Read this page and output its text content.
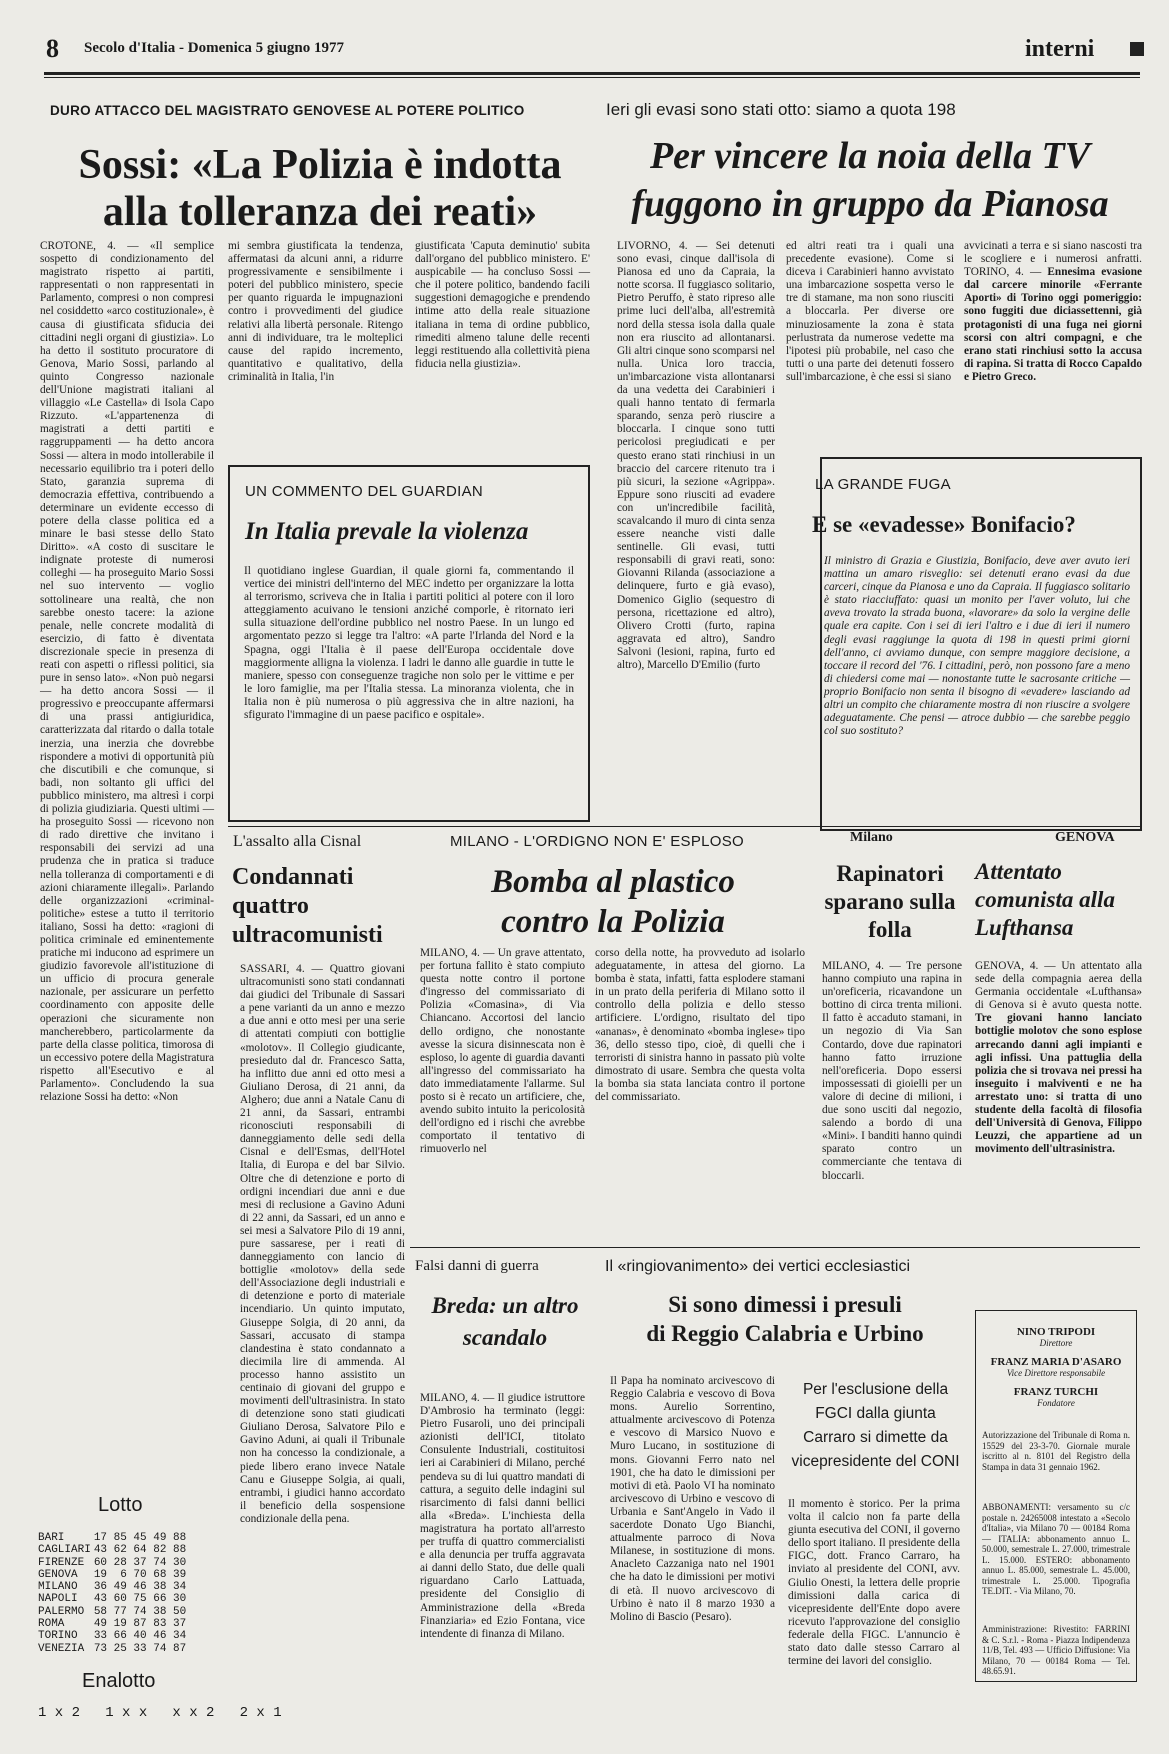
8 Secolo d'Italia - Domenica 5 giugno 1977	interni
DURO ATTACCO DEL MAGISTRATO GENOVESE AL POTERE POLITICO
Sossi: «La Polizia è indotta
alla tolleranza dei reati»
CROTONE, 4. — «Il semplice sospetto di condizionamento del magistrato rispetto ai partiti, rappresentati o non rappresentati in Parlamento, compresi o non compresi nel cosiddetto «arco costituzionale», è causa di giustificata sfiducia dei cittadini negli organi di giustizia». Lo ha detto il sostituto procuratore di Genova, Mario Sossi, parlando al quinto Congresso nazionale dell'Unione magistrati italiani al villaggio «Le Castella» di Isola Capo Rizzuto. «L'appartenenza di magistrati a detti partiti e raggruppamenti — ha detto ancora Sossi — altera in modo intollerabile il necessario equilibrio tra i poteri dello Stato, garanzia suprema di democrazia effettiva, contribuendo a determinare un evidente eccesso di potere della classe politica ed a minare le basi stesse dello Stato Diritto». «A costo di suscitare le indignate proteste di numerosi colleghi — ha proseguito Mario Sossi nel suo intervento — voglio sottolineare una realtà, che non sarebbe onesto tacere: la azione penale, nelle concrete modalità di esercizio, di fatto è diventata discrezionale specie in presenza di reati con aspetti o riflessi politici, sia pure in senso lato». «Non può negarsi — ha detto ancora Sossi — il progressivo e preoccupante affermarsi di una prassi antigiuridica, caratterizzata dal ritardo o dalla totale inerzia, una inerzia che dovrebbe rispondere a motivi di opportunità più che discutibili e che comunque, si badi, non soltanto gli uffici del pubblico ministero, ma altresì i corpi di polizia giudiziaria. Questi ultimi — ha proseguito Sossi — ricevono non di rado direttive che invitano i responsabili dei servizi ad una prudenza che in pratica si traduce nella tolleranza di comportamenti e di azioni chiaramente illegali». Parlando delle organizzazioni «criminal-politiche» estese a tutto il territorio italiano, Sossi ha detto: «ragioni di politica criminale ed eminentemente pratiche mi inducono ad esprimere un giudizio favorevole all'istituzione di un ufficio di procura generale nazionale, per assicurare un perfetto coordinamento con apposite delle operazioni che sicuramente non mancherebbero, particolarmente da parte della classe politica, timorosa di un eccessivo potere della Magistratura rispetto all'Esecutivo e al Parlamento». Concludendo la sua relazione Sossi ha detto: «Non
mi sembra giustificata la tendenza, affermatasi da alcuni anni, a ridurre progressivamente e sensibilmente i poteri del pubblico ministero, specie per quanto riguarda le impugnazioni contro i provvedimenti del giudice relativi alla libertà personale. Ritengo anni di individuare, tra le molteplici cause del rapido incremento, quantitativo e qualitativo, della criminalità in Italia, l'in
giustificata 'Caputa deminutio' subita dall'organo del pubblico ministero. E' auspicabile — ha concluso Sossi — che il potere politico, bandendo facili suggestioni demagogiche e prendendo intime atto della reale situazione italiana in tema di ordine pubblico, rimediti almeno talune delle recenti leggi restituendo alla collettività piena fiducia nella giustizia».
UN COMMENTO DEL GUARDIAN
In Italia prevale la violenza
Il quotidiano inglese Guardian, il quale giorni fa, commentando il vertice dei ministri dell'interno del MEC indetto per organizzare la lotta al terrorismo, scriveva che in Italia i partiti politici al potere con il loro atteggiamento acuivano le tensioni anziché comporle, è ritornato ieri sulla situazione dell'ordine pubblico nel nostro Paese. In un lungo ed argomentato pezzo si legge tra l'altro: «A parte l'Irlanda del Nord e la Spagna, oggi l'Italia è il paese dell'Europa occidentale dove maggiormente alligna la violenza. I ladri le danno alle guardie in tutte le maniere, spesso con conseguenze tragiche non solo per le vittime e per le loro famiglie, ma per l'Italia stessa. La minoranza violenta, che in Italia non è più numerosa o più aggressiva che in altre nazioni, ha sfigurato l'immagine di un paese pacifico e ospitale».
Ieri gli evasi sono stati otto: siamo a quota 198
Per vincere la noia della TV
fuggono in gruppo da Pianosa
LIVORNO, 4. — Sei detenuti sono evasi, cinque dall'isola di Pianosa ed uno da Capraia, la notte scorsa. Il fuggiasco solitario, Pietro Peruffo, è stato ripreso alle prime luci dell'alba, all'estremità nord della stessa isola dalla quale non era riuscito ad allontanarsi. Gli altri cinque sono scomparsi nel nulla. Unica loro traccia, un'imbarcazione vista allontanarsi da una vedetta dei Carabinieri i quali hanno tentato di fermarla sparando, senza però riuscire a bloccarla. I cinque sono tutti pericolosi pregiudicati e per questo erano stati rinchiusi in un braccio del carcere ritenuto tra i più sicuri, la sezione «Agrippa». Eppure sono riusciti ad evadere con un'incredibile facilità, scavalcando il muro di cinta senza essere neanche visti dalle sentinelle. Gli evasi, tutti responsabili di gravi reati, sono: Giovanni Rilanda (associazione a delinquere, furto e già evaso), Domenico Giglio (sequestro di persona, ricettazione ed altro), Olivero Crotti (furto, rapina aggravata ed altro), Sandro Salvoni (lesioni, rapina, furto ed altro), Marcello D'Emilio (furto
ed altri reati tra i quali una precedente evasione). Come si diceva i Carabinieri hanno avvistato una imbarcazione sospetta verso le tre di stamane, ma non sono riusciti a bloccarla. Per diverse ore minuziosamente la zona è stata perlustrata da numerose vedette ma l'ipotesi più probabile, nel caso che tutti o una parte dei detenuti fossero sull'imbarcazione, è che essi si siano
avvicinati a terra e si siano nascosti tra le scogliere e i numerosi anfratti. TORINO, 4. — Ennesima evasione dal carcere minorile «Ferrante Aporti» di Torino oggi pomeriggio: sono fuggiti due diciassettenni, già protagonisti di una fuga nei giorni scorsi con altri compagni, e che erano stati rinchiusi sotto la accusa di rapina. Si tratta di Rocco Capaldo e Pietro Greco.
LA GRANDE FUGA
E se «evadesse» Bonifacio?
Il ministro di Grazia e Giustizia, Bonifacio, deve aver avuto ieri mattina un amaro risveglio: sei detenuti erano evasi da due carceri, cinque da Pianosa e uno da Capraia. Il fuggiasco solitario è stato riacciuffato: quasi un monito per l'aver voluto, lui che aveva trovato la strada buona, «lavorare» da solo la vergine delle quale era capite. Con i sei di ieri l'altro e i due di ieri il numero degli evasi raggiunge la quota di 198 in questi primi giorni dell'anno, ci avviamo dunque, con sempre maggiore decisione, a toccare il record del '76. I cittadini, però, non possono fare a meno di chiedersi come mai — nonostante tutte le sacrosante critiche — proprio Bonifacio non senta il bisogno di «evadere» lasciando ad altri un compito che chiaramente mostra di non riuscire a svolgere adeguatamente. Che pensi — atroce dubbio — che sarebbe peggio col suo sostituto?
L'assalto alla Cisnal
Condannati quattro ultracomunisti
SASSARI, 4. — Quattro giovani ultracomunisti sono stati condannati dai giudici del Tribunale di Sassari a pene varianti da un anno e mezzo a due anni e otto mesi per una serie di attentati compiuti con bottiglie «molotov». Il Collegio giudicante, presieduto dal dr. Francesco Satta, ha inflitto due anni ed otto mesi a Giuliano Derosa, di 21 anni, da Alghero; due anni a Natale Canu di 21 anni, da Sassari, entrambi riconosciuti responsabili di danneggiamento delle sedi della Cisnal e dell'Esmas, dell'Hotel Italia, di Europa e del bar Silvio. Oltre che di detenzione e porto di ordigni incendiari due anni e due mesi di reclusione a Gavino Aduni di 22 anni, da Sassari, ed un anno e sei mesi a Salvatore Pilo di 19 anni, pure sassarese, per i reati di danneggiamento con lancio di bottiglie «molotov» della sede dell'Associazione degli industriali e di detenzione e porto di materiale incendiario. Un quinto imputato, Giuseppe Solgia, di 20 anni, da Sassari, accusato di stampa clandestina è stato condannato a diecimila lire di ammenda. Al processo hanno assistito un centinaio di giovani del gruppo e movimenti dell'ultrasinistra. In stato di detenzione sono stati giudicati Giuliano Derosa, Salvatore Pilo e Gavino Aduni, ai quali il Tribunale non ha concesso la condizionale, a piede libero erano invece Natale Canu e Giuseppe Solgia, ai quali, entrambi, i giudici hanno accordato il beneficio della sospensione condizionale della pena.
MILANO - L'ORDIGNO NON E' ESPLOSO
Bomba al plastico
contro la Polizia
MILANO, 4. — Un grave attentato, per fortuna fallito è stato compiuto questa notte contro il portone d'ingresso del commissariato di Polizia «Comasina», di Via Chiancano. Accortosi del lancio dello ordigno, che nonostante avesse la sicura disinnescata non è esploso, lo agente di guardia davanti all'ingresso del commissariato ha dato immediatamente l'allarme. Sul posto si è recato un artificiere, che, avendo subito intuito la pericolosità dell'ordigno ed i rischi che avrebbe comportato il tentativo di rimuoverlo nel
corso della notte, ha provveduto ad isolarlo adeguatamente, in attesa del giorno. La bomba è stata, infatti, fatta esplodere stamani in un prato della periferia di Milano sotto il controllo della polizia e dello stesso artificiere. L'ordigno, risultato del tipo «ananas», è denominato «bomba inglese» tipo 36, dello stesso tipo, cioè, di quelli che i terroristi di sinistra hanno in passato più volte dimostrato di usare. Sembra che questa volta la bomba sia stata lanciata contro il portone del commissariato.
Milano
Rapinatori sparano sulla folla
MILANO, 4. — Tre persone hanno compiuto una rapina in un'oreficeria, ricavandone un bottino di circa trenta milioni. Il fatto è accaduto stamani, in un negozio di Via San Contardo, dove due rapinatori hanno fatto irruzione nell'oreficeria. Dopo essersi impossessati di gioielli per un valore di decine di milioni, i due sono usciti dal negozio, salendo a bordo di una «Mini». I banditi hanno quindi sparato contro un commerciante che tentava di bloccarli.
GENOVA
Attentato comunista alla Lufthansa
GENOVA, 4. — Un attentato alla sede della compagnia aerea della Germania occidentale «Lufthansa» di Genova si è avuto questa notte. Tre giovani hanno lanciato bottiglie molotov che sono esplose arrecando danni agli impianti e agli infissi. Una pattuglia della polizia che si trovava nei pressi ha inseguito i malviventi e ne ha arrestato uno: si tratta di uno studente della facoltà di filosofia dell'Università di Genova, Filippo Leuzzi, che appartiene ad un movimento dell'ultrasinistra.
Falsi danni di guerra
Breda: un altro scandalo
MILANO, 4. — Il giudice istruttore D'Ambrosio ha terminato (leggi: Pietro Fusaroli, uno dei principali azionisti dell'ICI, titolato Consulente Industriali, costituitosi ieri ai Carabinieri di Milano, perché pendeva su di lui quattro mandati di cattura, a seguito delle indagini sul risarcimento di falsi danni bellici alla «Breda». L'inchiesta della magistratura ha portato all'arresto per truffa di quattro commercialisti e alla denuncia per truffa aggravata ai danni dello Stato, due delle quali riguardano Carlo Lattuada, presidente del Consiglio di Amministrazione della «Breda Finanziaria» ed Ezio Fontana, vice intendente di finanza di Milano.
Il «ringiovanimento» dei vertici ecclesiastici
Si sono dimessi i presuli
di Reggio Calabria e Urbino
Il Papa ha nominato arcivescovo di Reggio Calabria e vescovo di Bova mons. Aurelio Sorrentino, attualmente arcivescovo di Potenza e vescovo di Marsico Nuovo e Muro Lucano, in sostituzione di mons. Giovanni Ferro nato nel 1901, che ha dato le dimissioni per motivi di età. Paolo VI ha nominato arcivescovo di Urbino e vescovo di Urbania e Sant'Angelo in Vado il sacerdote Donato Ugo Bianchi, attualmente parroco di Nova Milanese, in sostituzione di mons. Anacleto Cazzaniga nato nel 1901 che ha dato le dimissioni per motivi di età. Il nuovo arcivescovo di Urbino è nato il 8 marzo 1930 a Molino di Bascio (Pesaro).
Per l'esclusione della FGCI dalla giunta Carraro si dimette da vicepresidente del CONI
Il momento è storico. Per la prima volta il calcio non fa parte della giunta esecutiva del CONI, il governo dello sport italiano. Il presidente della FIGC, dott. Franco Carraro, ha inviato al presidente del CONI, avv. Giulio Onesti, la lettera delle proprie dimissioni dalla carica di vicepresidente dell'Ente dopo avere ricevuto l'approvazione del consiglio federale della FIGC. L'annuncio è stato dato dalle stesso Carraro al termine dei lavori del consiglio.
NINO TRIPODI
Direttore
FRANZ MARIA D'ASARO
Vice Direttore responsabile
FRANZ TURCHI
Fondatore
Autorizzazione del Tribunale di Roma n. 15529 del 23-3-70. Giornale murale iscritto al n. 8101 del Registro della Stampa in data 31 gennaio 1962.
ABBONAMENTI: versamento su c/c postale n. 24265008 intestato a «Secolo d'Italia», via Milano 70 — 00184 Roma — ITALIA: abbonamento annuo L. 50.000, semestrale L. 27.000, trimestrale L. 15.000. ESTERO: abbonamento annuo L. 85.000, semestrale L. 45.000, trimestrale L. 25.000. Tipografia TE.DIT. - Via Milano, 70.
Amministrazione: Rivestito: FARRINI & C. S.r.l. - Roma - Piazza Indipendenza 11/B, Tel. 493 — Ufficio Diffusione: Via Milano, 70 — 00184 Roma — Tel. 48.65.91.
Lotto
BARI	17 85 45 49 88
CAGLIARI	43 62 64 82 88
FIRENZE	60 28 37 74 30
GENOVA	19  6 70 68 39
MILANO	36 49 46 38 34
NAPOLI	43 60 75 66 30
PALERMO	58 77 74 38 50
ROMA	49 19 87 83 37
TORINO	33 66 40 46 34
VENEZIA	73 25 33 74 87
Enalotto
1 x 2   1 x x   x x 2   2 x 1
